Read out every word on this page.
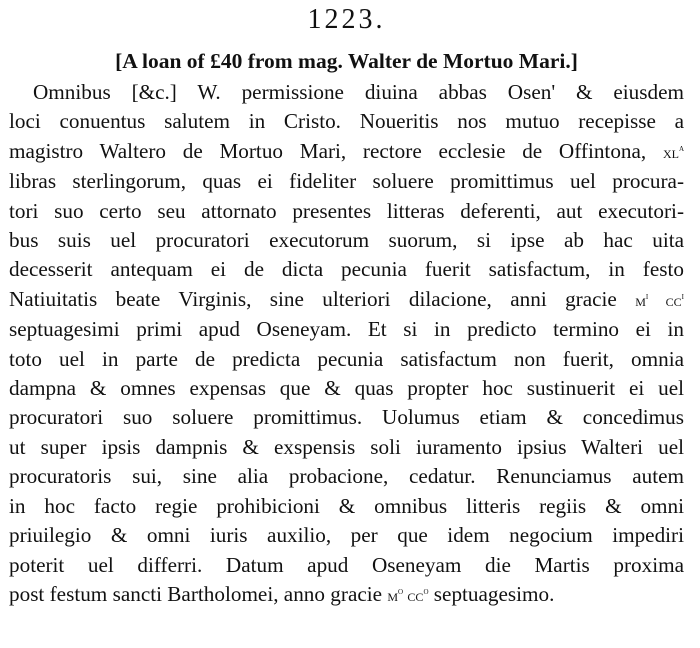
1223.
[A loan of £40 from mag. Walter de Mortuo Mari.]
Omnibus [&c.] W. permissione diuina abbas Osen' & eiusdem
loci conuentus salutem in Cristo. Noueritis nos mutuo recepisse a
magistro Waltero de Mortuo Mari, rectore ecclesie de Offintona, $xl^a$
libras sterlingorum, quas ei fideliter soluere promittimus uel procura-
tori suo certo seu attornato presentes litteras deferenti, aut executori-
bus suis uel procuratori executorum suorum, si ipse ab hac uita
decesserit antequam ei de dicta pecunia fuerit satisfactum, in festo
Natiuitatis beate Virginis, sine ulteriori dilacione, anni gracie $m^i$ $cc^i$
septuagesimi primi apud Oseneyam. Et si in predicto termino ei in
toto uel in parte de predicta pecunia satisfactum non fuerit, omnia
dampna & omnes expensas que & quas propter hoc sustinuerit ei uel
procuratori suo soluere promittimus. Uolumus etiam & concedimus
ut super ipsis dampnis & exspensis soli iuramento ipsius Walteri uel
procuratoris sui, sine alia probacione, cedatur. Renunciamus autem
in hoc facto regie prohibicioni & omnibus litteris regiis & omni
priuilegio & omni iuris auxilio, per que idem negocium impediri
poterit uel differri. Datum apud Oseneyam die Martis proxima
post festum sancti Bartholomei, anno gracie $m^o$ $cc^o$ septuagesimo.
